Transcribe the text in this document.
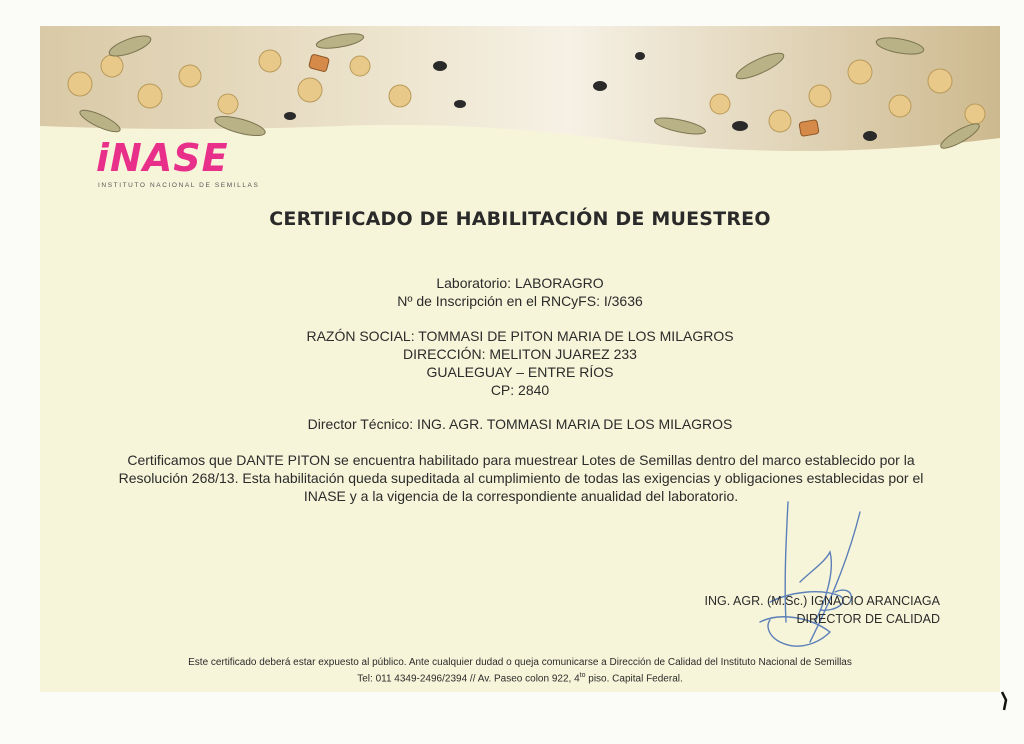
iNASE
INSTITUTO NACIONAL DE SEMILLAS
CERTIFICADO DE HABILITACIÓN DE MUESTREO
Laboratorio: LABORAGRO
Nº de Inscripción en el RNCyFS: I/3636
RAZÓN SOCIAL: TOMMASI DE PITON MARIA DE LOS MILAGROS
DIRECCIÓN: MELITON JUAREZ 233
GUALEGUAY – ENTRE RÍOS
CP: 2840
Director Técnico: ING. AGR. TOMMASI MARIA DE LOS MILAGROS
Certificamos que DANTE PITON se encuentra habilitado para muestrear Lotes de Semillas dentro del marco establecido por la
Resolución 268/13. Esta habilitación queda supeditada al cumplimiento de todas las exigencias y obligaciones establecidas por el
INASE y a la vigencia de la correspondiente anualidad del laboratorio.
ING. AGR. (M.Sc.) IGNACIO ARANCIAGA
DIRECTOR DE CALIDAD
Este certificado deberá estar expuesto al público. Ante cualquier dudad o queja comunicarse a Dirección de Calidad del Instituto Nacional de Semillas
Tel: 011 4349-2496/2394 // Av. Paseo colon 922, $4^{to}$ piso. Capital Federal.
